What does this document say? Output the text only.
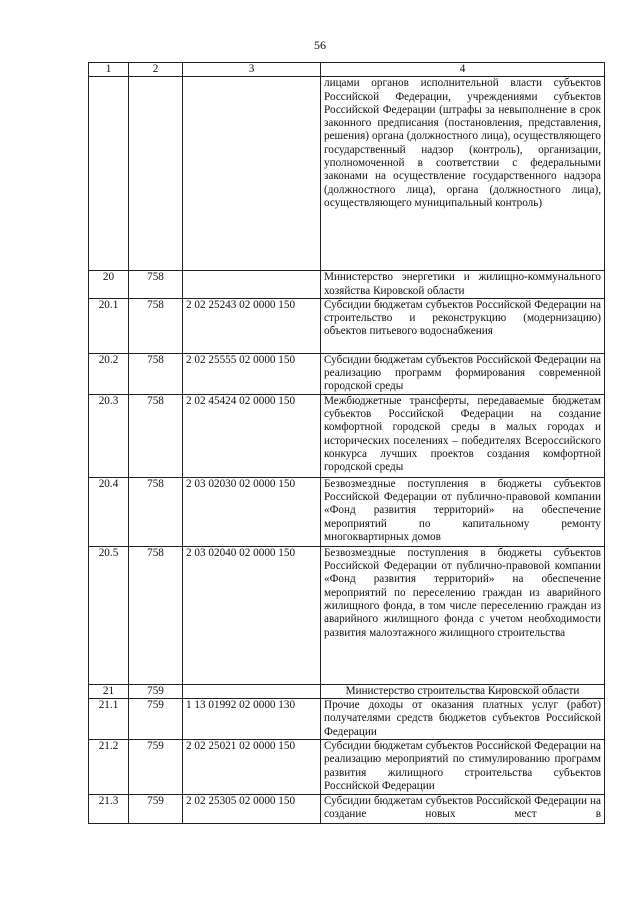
56
1	2	3	4
			лицами органов исполнительной власти субъектов Российской Федерации, учреждениями субъектов Российской Федерации (штрафы за невыполнение в срок законного предписания (постановления, представления, решения) органа (должностного лица), осуществляющего государственный надзор (контроль), организации, уполномоченной в соответствии с федеральными законами на осуществление государственного надзора (должностного лица), органа (должностного лица), осуществляющего муниципальный контроль)
20	758		Министерство энергетики и жилищно-коммунального хозяйства Кировской области
20.1	758	2 02 25243 02 0000 150	Субсидии бюджетам субъектов Российской Федерации на строительство и реконструкцию (модернизацию) объектов питьевого водоснабжения
20.2	758	2 02 25555 02 0000 150	Субсидии бюджетам субъектов Российской Федерации на реализацию программ формирования современной городской среды
20.3	758	2 02 45424 02 0000 150	Межбюджетные трансферты, передаваемые бюджетам субъектов Российской Федерации на создание комфортной городской среды в малых городах и исторических поселениях – победителях Всероссийского конкурса лучших проектов создания комфортной городской среды
20.4	758	2 03 02030 02 0000 150	Безвозмездные поступления в бюджеты субъектов Российской Федерации от публично-правовой компании «Фонд развития территорий» на обеспечение мероприятий по капитальному ремонту многоквартирных домов
20.5	758	2 03 02040 02 0000 150	Безвозмездные поступления в бюджеты субъектов Российской Федерации от публично-правовой компании «Фонд развития территорий» на обеспечение мероприятий по переселению граждан из аварийного жилищного фонда, в том числе переселению граждан из аварийного жилищного фонда с учетом необходимости развития малоэтажного жилищного строительства
21	759		Министерство строительства Кировской области
21.1	759	1 13 01992 02 0000 130	Прочие доходы от оказания платных услуг (работ) получателями средств бюджетов субъектов Российской Федерации
21.2	759	2 02 25021 02 0000 150	Субсидии бюджетам субъектов Российской Федерации на реализацию мероприятий по стимулированию программ развития жилищного строительства субъектов Российской Федерации
21.3	759	2 02 25305 02 0000 150	Субсидии бюджетам субъектов Российской Федерации на создание новых мест в
